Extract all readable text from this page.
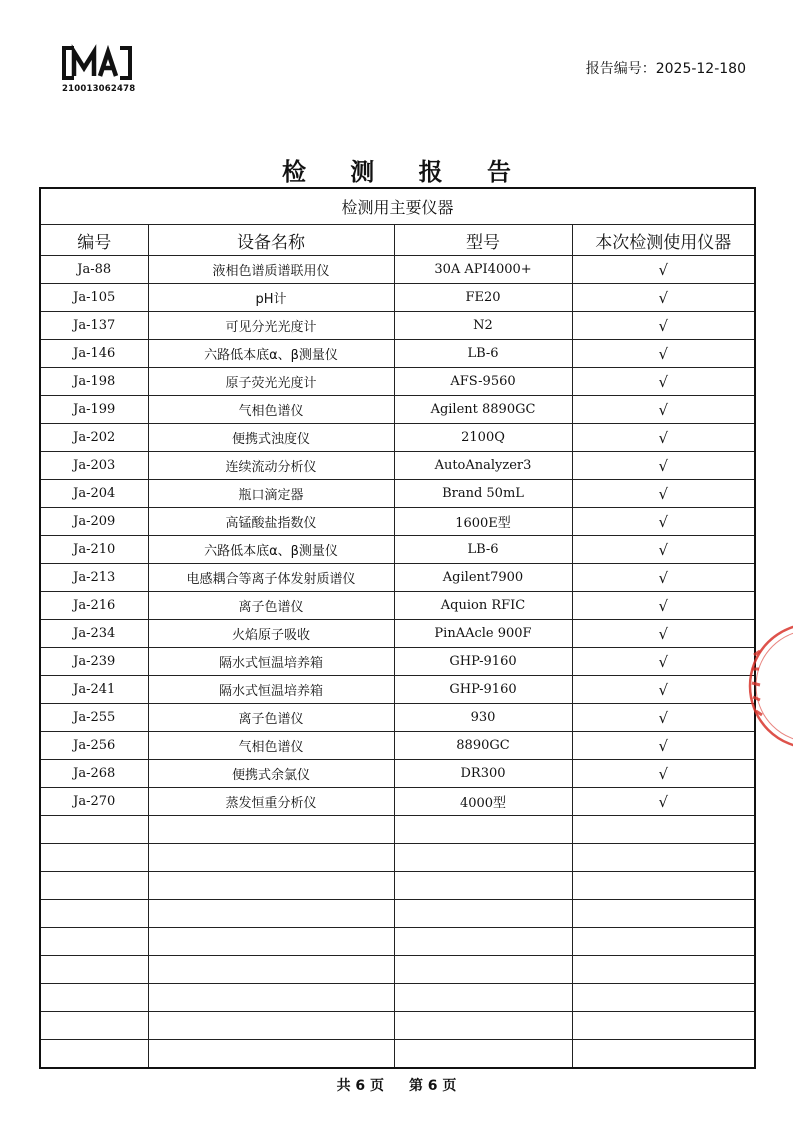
210013062478
报告编号：2025-12-180
检 测 报 告
检测用主要仪器			
编号	设备名称	型号	本次检测使用仪器
Ja-88	液相色谱质谱联用仪	30A API4000+	√
Ja-105	pH计	FE20	√
Ja-137	可见分光光度计	N2	√
Ja-146	六路低本底α、β测量仪	LB-6	√
Ja-198	原子荧光光度计	AFS-9560	√
Ja-199	气相色谱仪	Agilent 8890GC	√
Ja-202	便携式浊度仪	2100Q	√
Ja-203	连续流动分析仪	AutoAnalyzer3	√
Ja-204	瓶口滴定器	Brand 50mL	√
Ja-209	高锰酸盐指数仪	1600E型	√
Ja-210	六路低本底α、β测量仪	LB-6	√
Ja-213	电感耦合等离子体发射质谱仪	Agilent7900	√
Ja-216	离子色谱仪	Aquion RFIC	√
Ja-234	火焰原子吸收	PinAAcle 900F	√
Ja-239	隔水式恒温培养箱	GHP-9160	√
Ja-241	隔水式恒温培养箱	GHP-9160	√
Ja-255	离子色谱仪	930	√
Ja-256	气相色谱仪	8890GC	√
Ja-268	便携式余氯仪	DR300	√
Ja-270	蒸发恒重分析仪	4000型	√

共 6 页 第 6 页
